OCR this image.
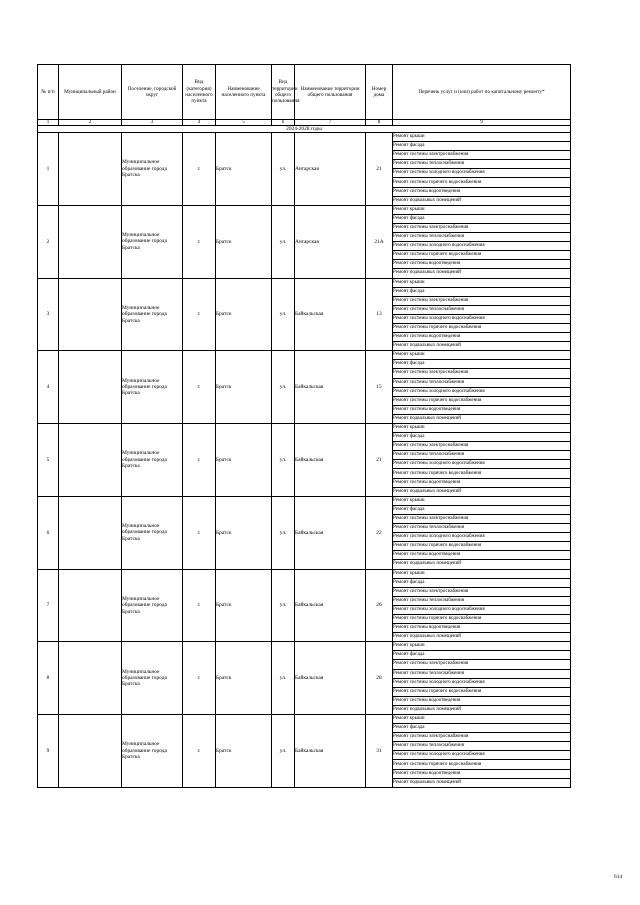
№ п/п	Муниципальный район	Поселение, городской округ	Вид (категория) населенного пункта	Наименование населенного пункта	Вид территории общего пользования	Наименование территории общего пользования	Номер дома	Перечень услуг и (или) работ по капитальному ремонту*
1	2	3	4	5	6	7	8	9
2024-2028 годы								
1		Муниципальное образование города Братска	г.	Братск	ул.	Ангарская	21	Ремонт крыши
								Ремонт фасада
								Ремонт системы электроснабжения
								Ремонт системы теплоснабжения
								Ремонт системы холодного водоснабжения
								Ремонт системы горячего водоснабжения
								Ремонт системы водоотведения
								Ремонт подвальных помещений
2		Муниципальное образование города Братска	г.	Братск	ул.	Ангарская	21А	Ремонт крыши
								Ремонт фасада
								Ремонт системы электроснабжения
								Ремонт системы теплоснабжения
								Ремонт системы холодного водоснабжения
								Ремонт системы горячего водоснабжения
								Ремонт системы водоотведения
								Ремонт подвальных помещений
3		Муниципальное образование города Братска	г.	Братск	ул.	Байкальская	13	Ремонт крыши
								Ремонт фасада
								Ремонт системы электроснабжения
								Ремонт системы теплоснабжения
								Ремонт системы холодного водоснабжения
								Ремонт системы горячего водоснабжения
								Ремонт системы водоотведения
								Ремонт подвальных помещений
4		Муниципальное образование города Братска	г.	Братск	ул.	Байкальская	15	Ремонт крыши
								Ремонт фасада
								Ремонт системы электроснабжения
								Ремонт системы теплоснабжения
								Ремонт системы холодного водоснабжения
								Ремонт системы горячего водоснабжения
								Ремонт системы водоотведения
								Ремонт подвальных помещений
5		Муниципальное образование города Братска	г.	Братск	ул.	Байкальская	21	Ремонт крыши
								Ремонт фасада
								Ремонт системы электроснабжения
								Ремонт системы теплоснабжения
								Ремонт системы холодного водоснабжения
								Ремонт системы горячего водоснабжения
								Ремонт системы водоотведения
								Ремонт подвальных помещений
6		Муниципальное образование города Братска	г.	Братск	ул.	Байкальская	22	Ремонт крыши
								Ремонт фасада
								Ремонт системы электроснабжения
								Ремонт системы теплоснабжения
								Ремонт системы холодного водоснабжения
								Ремонт системы горячего водоснабжения
								Ремонт системы водоотведения
								Ремонт подвальных помещений
7		Муниципальное образование города Братска	г.	Братск	ул.	Байкальская	26	Ремонт крыши
								Ремонт фасада
								Ремонт системы электроснабжения
								Ремонт системы теплоснабжения
								Ремонт системы холодного водоснабжения
								Ремонт системы горячего водоснабжения
								Ремонт системы водоотведения
								Ремонт подвальных помещений
8		Муниципальное образование города Братска	г.	Братск	ул.	Байкальская	28	Ремонт крыши
								Ремонт фасада
								Ремонт системы электроснабжения
								Ремонт системы теплоснабжения
								Ремонт системы холодного водоснабжения
								Ремонт системы горячего водоснабжения
								Ремонт системы водоотведения
								Ремонт подвальных помещений
9		Муниципальное образование города Братска	г.	Братск	ул.	Байкальская	31	Ремонт крыши
								Ремонт фасада
								Ремонт системы электроснабжения
								Ремонт системы теплоснабжения
								Ремонт системы холодного водоснабжения
								Ремонт системы горячего водоснабжения
								Ремонт системы водоотведения
								Ремонт подвальных помещений
614
